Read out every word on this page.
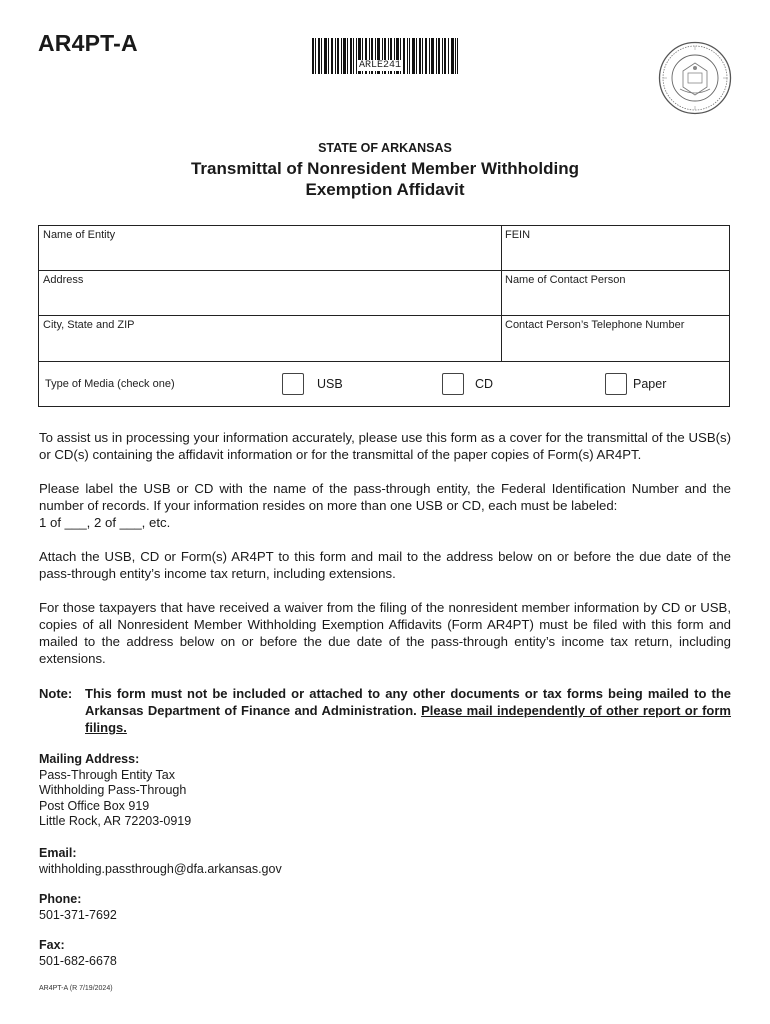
AR4PT-A
ARLE241
STATE OF ARKANSAS
Transmittal of Nonresident Member Withholding
Exemption Affidavit
Name of Entity	FEIN
Address	Name of Contact Person
City, State and ZIP	Contact Person’s Telephone Number
Type of Media (check one)	USB	CD	Paper
To assist us in processing your information accurately, please use this form as a cover for the transmittal of the USB(s) or CD(s) containing the affidavit information or for the transmittal of the paper copies of Form(s) AR4PT.

Please label the USB or CD with the name of the pass-through entity, the Federal Identification Number and the number of records. If your information resides on more than one USB or CD, each must be labeled:

1 of ___, 2 of ___, etc.

Attach the USB, CD or Form(s) AR4PT to this form and mail to the address below on or before the due date of the pass-through entity’s income tax return, including extensions.
For those taxpayers that have received a waiver from the filing of the nonresident member information by CD or USB, copies of all Nonresident Member Withholding Exemption Affidavits (Form AR4PT) must be filed with this form and mailed to the address below on or before the due date of the pass-through entity’s income tax return, including extensions.
Note: This form must not be included or attached to any other documents or tax forms being mailed to the Arkansas Department of Finance and Administration. Please mail independently of other report or form filings.
Mailing Address:
Pass-Through Entity Tax
Withholding Pass-Through
Post Office Box 919
Little Rock, AR 72203-0919
Email:
withholding.passthrough@dfa.arkansas.gov
Phone:
501-371-7692
Fax:
501-682-6678
AR4PT-A (R 7/19/2024)
